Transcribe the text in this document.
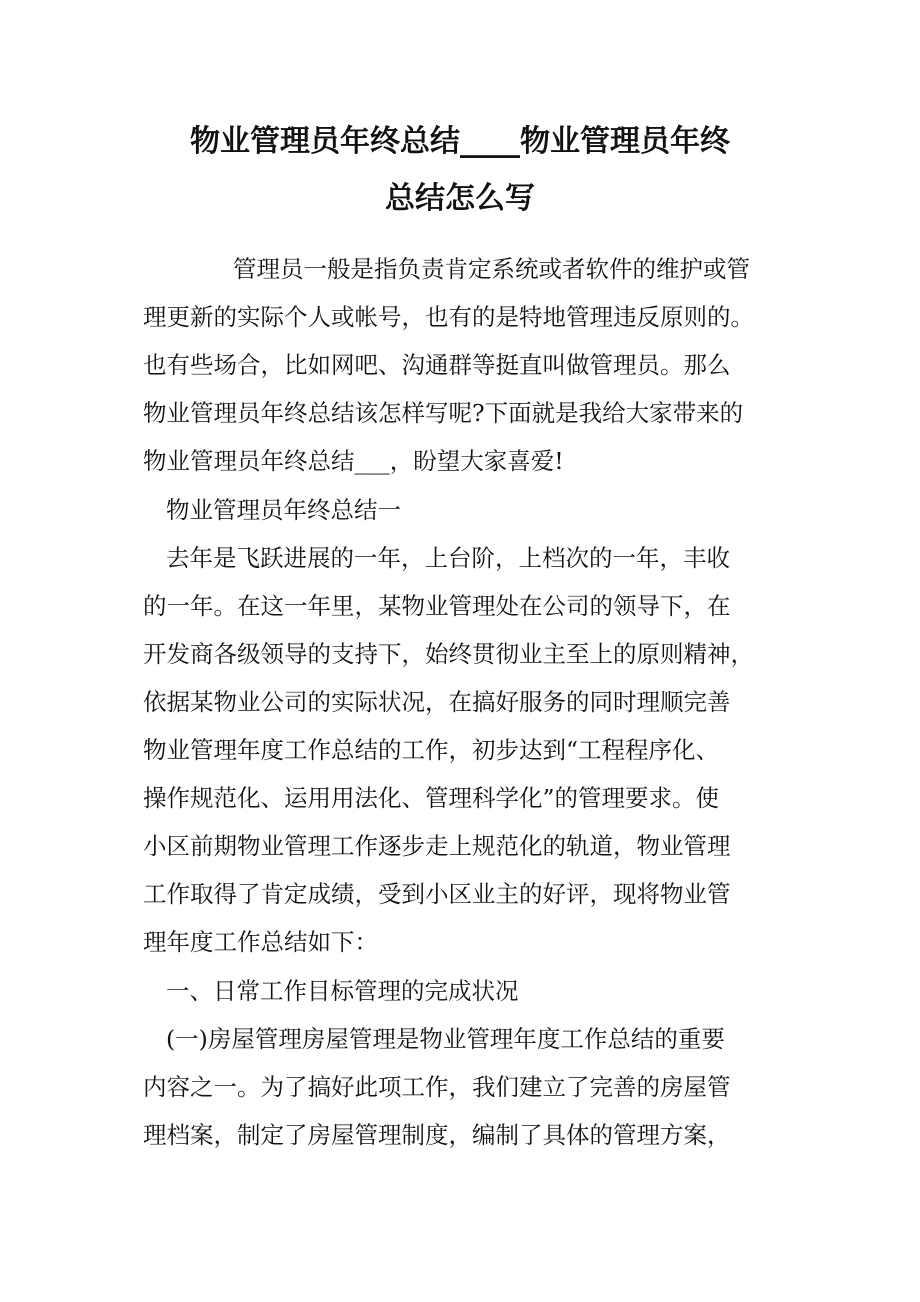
物业管理员年终总结____物业管理员年终
总结怎么写

管理员一般是指负责肯定系统或者软件的维护或管

理更新的实际个人或帐号，也有的是特地管理违反原则的。

也有些场合，比如网吧、沟通群等挺直叫做管理员。那么

物业管理员年终总结该怎样写呢?下面就是我给大家带来的

物业管理员年终总结___，盼望大家喜爱!

物业管理员年终总结一

去年是飞跃进展的一年，上台阶，上档次的一年，丰收

的一年。在这一年里，某物业管理处在公司的领导下，在

开发商各级领导的支持下，始终贯彻业主至上的原则精神，

依据某物业公司的实际状况，在搞好服务的同时理顺完善

物业管理年度工作总结的工作，初步达到“工程程序化、

操作规范化、运用用法化、管理科学化”的管理要求。使

小区前期物业管理工作逐步走上规范化的轨道，物业管理

工作取得了肯定成绩，受到小区业主的好评，现将物业管

理年度工作总结如下：

一、日常工作目标管理的完成状况

(一)房屋管理房屋管理是物业管理年度工作总结的重要

内容之一。为了搞好此项工作，我们建立了完善的房屋管

理档案，制定了房屋管理制度，编制了具体的管理方案，
